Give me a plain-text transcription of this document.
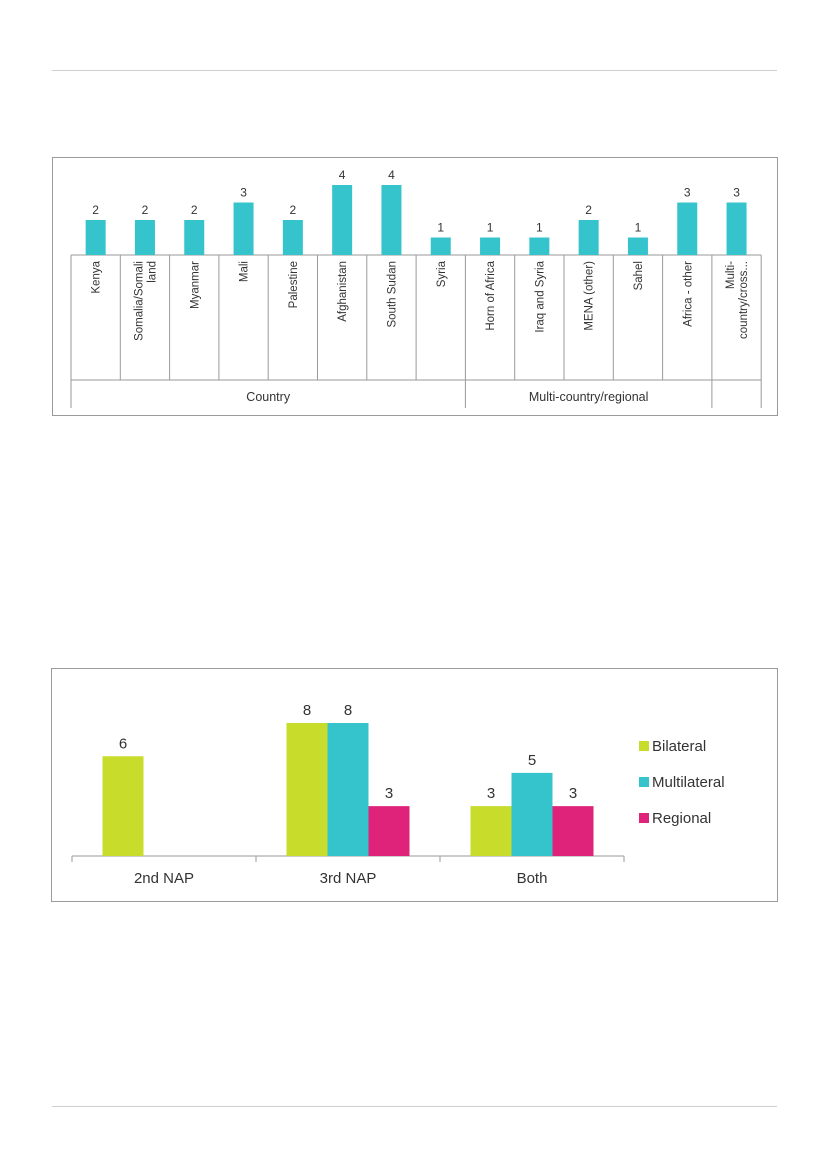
2
Kenya
2
Somalia/Somaliland
2
Myanmar
3
Mali
2
Palestine
4
Afghanistan
4
South Sudan
1
Syria
1
Horn of Africa
1
Iraq and Syria
2
MENA (other)
1
Sahel
3
Africa - other
3
Multi-country/cross...
Country	Multi-country/regional
6
2nd NAP
8 8
3
3rd NAP
3
5
3
Both
Bilateral
Multilateral
Regional
